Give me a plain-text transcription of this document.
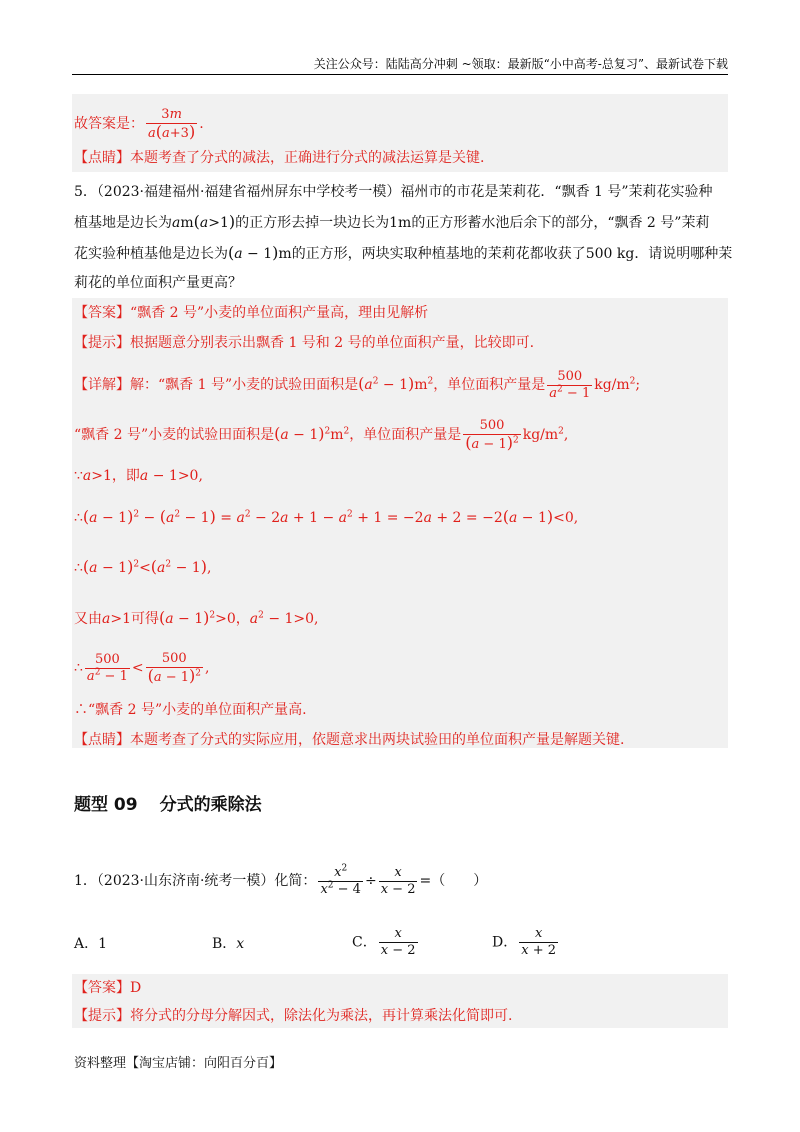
关注公众号：陆陆高分冲刺 ~领取：最新版“小中高考-总复习”、最新试卷下载
故答案是： $\frac{3m}{a(a+3)}$ .
【点睛】本题考查了分式的减法，正确进行分式的减法运算是关键.
5．（2023·福建福州·福建省福州屏东中学校考一模）福州市的市花是茉莉花．“飘香 1 号”茉莉花实验种
植基地是边长为am(a>1)的正方形去掉一块边长为1m的正方形蓄水池后余下的部分，“飘香 2 号”茉莉
花实验种植基他是边长为(a − 1)m的正方形，两块实取种植基地的茉莉花都收获了500 kg．请说明哪种茉
莉花的单位面积产量更高？
【答案】“飘香 2 号”小麦的单位面积产量高，理由见解析
【提示】根据题意分别表示出飘香 1 号和 2 号的单位面积产量，比较即可.
【详解】解：“飘香 1 号”小麦的试验田面积是$(a^2 - 1)m^2$，单位面积产量是 $\frac{500}{a^2 - 1} kg/m^2$;
“飘香 2 号”小麦的试验田面积是$(a - 1)^2m^2$，单位面积产量是 $\frac{500}{(a - 1)^2} kg/m^2$,
∵a>1，即a − 1>0,
∴(a − $1)^2 - (a^2 - 1) = a^2 - 2a + 1 - a^2 + 1 = -2a + 2 = -2(a - 1)<0$,
∴(a − $1)^2<(a^2 - 1)$,
又由a>1可得$(a - 1)^2>0$，$a^2 - 1>0$,
∴ $\frac{500}{a^2 - 1} < \frac{500}{(a - 1)^2}$ ,
∴“飘香 2 号”小麦的单位面积产量高.
【点睛】本题考查了分式的实际应用，依题意求出两块试验田的单位面积产量是解题关键.
题型 09 分式的乘除法
1．（2023·山东济南·统考一模）化简： $\frac{x^2}{x^2 - 4} \div \frac{x}{x - 2}$ =（　　）
A．1	B．x	C． $\frac{x}{x - 2}$	D． $\frac{x}{x + 2}$
【答案】D
【提示】将分式的分母分解因式，除法化为乘法，再计算乘法化简即可.
资料整理【淘宝店铺：向阳百分百】
